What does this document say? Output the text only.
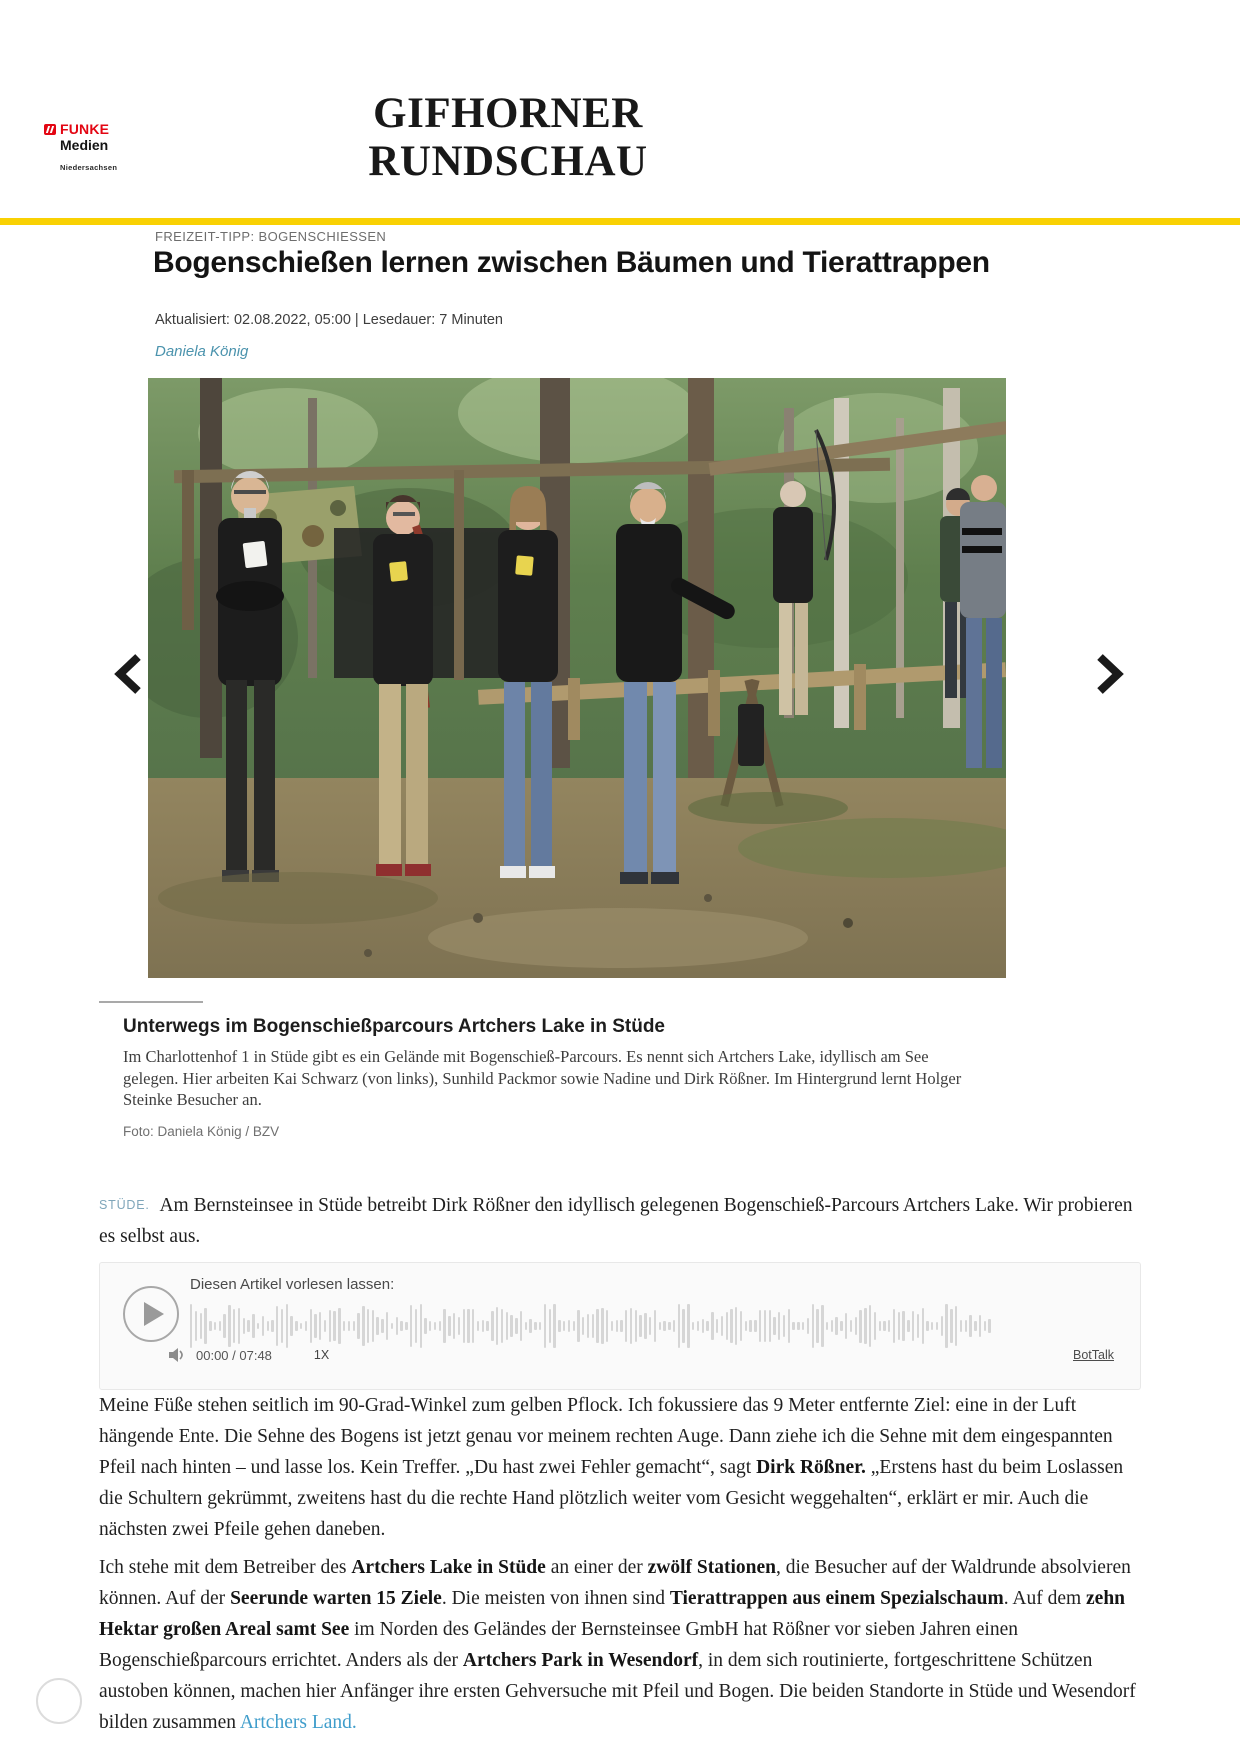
FUNKE
Medien
Niedersachsen
GIFHORNER
RUNDSCHAU
FREIZEIT-TIPP: BOGENSCHIESSEN
Bogenschießen lernen zwischen Bäumen und Tierattrappen
Aktualisiert: 02.08.2022, 05:00 | Lesedauer: 7 Minuten
Daniela König
Unterwegs im Bogenschießparcours Artchers Lake in Stüde

Im Charlottenhof 1 in Stüde gibt es ein Gelände mit Bogenschieß-Parcours. Es nennt sich Artchers Lake, idyllisch am See gelegen. Hier arbeiten Kai Schwarz (von links), Sunhild Packmor sowie Nadine und Dirk Rößner. Im Hintergrund lernt Holger Steinke Besucher an.

Foto: Daniela König / BZV

STÜDE. Am Bernsteinsee in Stüde betreibt Dirk Rößner den idyllisch gelegenen Bogenschieß-Parcours Artchers Lake. Wir probieren es selbst aus.

Diesen Artikel vorlesen lassen:
00:00 / 07:48	1X	BotTalk

Meine Füße stehen seitlich im 90-Grad-Winkel zum gelben Pflock. Ich fokussiere das 9 Meter entfernte Ziel: eine in der Luft hängende Ente. Die Sehne des Bogens ist jetzt genau vor meinem rechten Auge. Dann ziehe ich die Sehne mit dem eingespannten Pfeil nach hinten – und lasse los. Kein Treffer. „Du hast zwei Fehler gemacht“, sagt Dirk Rößner. „Erstens hast du beim Loslassen die Schultern gekrümmt, zweitens hast du die rechte Hand plötzlich weiter vom Gesicht weggehalten“, erklärt er mir. Auch die nächsten zwei Pfeile gehen daneben.

Ich stehe mit dem Betreiber des Artchers Lake in Stüde an einer der zwölf Stationen, die Besucher auf der Waldrunde absolvieren können. Auf der Seerunde warten 15 Ziele. Die meisten von ihnen sind Tierattrappen aus einem Spezialschaum. Auf dem zehn Hektar großen Areal samt See im Norden des Geländes der Bernsteinsee GmbH hat Rößner vor sieben Jahren einen Bogenschießparcours errichtet. Anders als der Artchers Park in Wesendorf, in dem sich routinierte, fortgeschrittene Schützen austoben können, machen hier Anfänger ihre ersten Gehversuche mit Pfeil und Bogen. Die beiden Standorte in Stüde und Wesendorf bilden zusammen Artchers Land.
